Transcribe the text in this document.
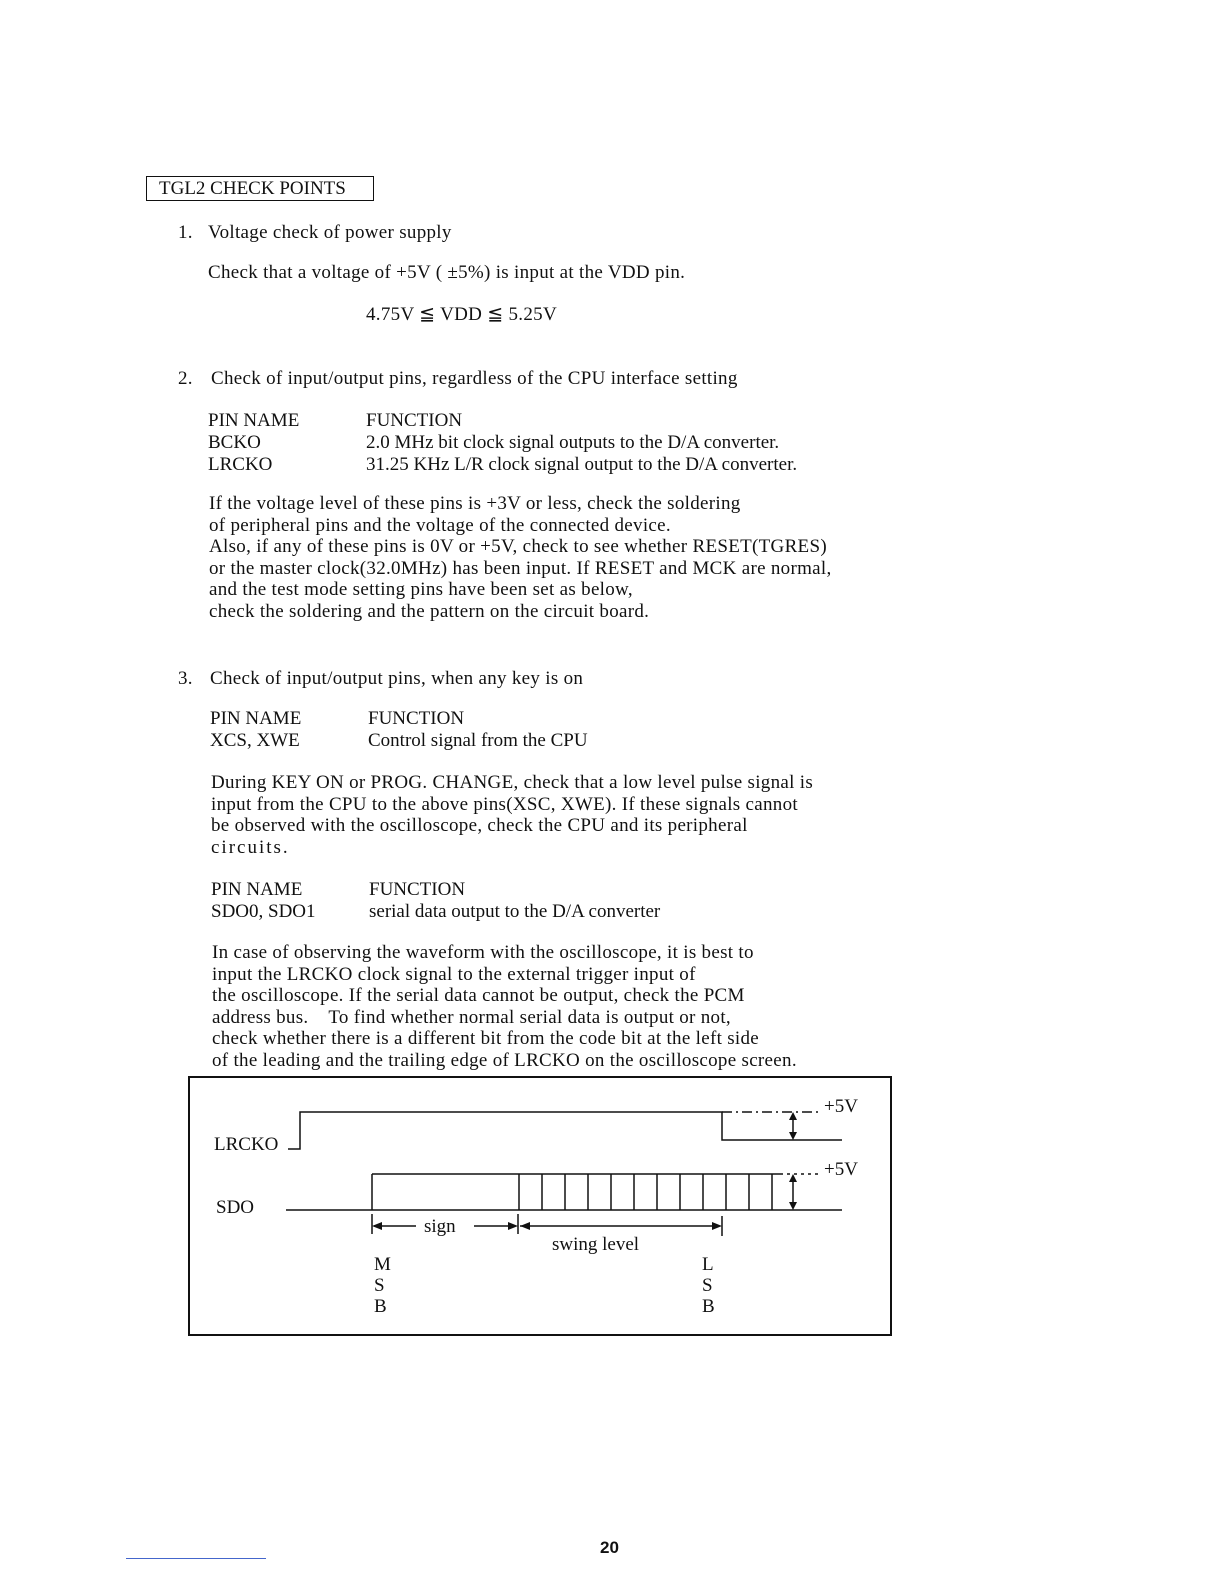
TGL2 CHECK POINTS
1. Voltage check of power supply
Check that a voltage of +5V ( ±5%) is input at the VDD pin.
4.75V ≦ VDD ≦ 5.25V
2. Check of input/output pins, regardless of the CPU interface setting
PIN NAME	FUNCTION
BCKO	2.0 MHz bit clock signal outputs to the D/A converter.
LRCKO	31.25 KHz L/R clock signal output to the D/A converter.
If the voltage level of these pins is +3V or less, check the soldering
of peripheral pins and the voltage of the connected device.
Also, if any of these pins is 0V or +5V, check to see whether RESET(TGRES)
or the master clock(32.0MHz) has been input. If RESET and MCK are normal,
and the test mode setting pins have been set as below,
check the soldering and the pattern on the circuit board.
3. Check of input/output pins, when any key is on
PIN NAME	FUNCTION
XCS, XWE	Control signal from the CPU
During KEY ON or PROG. CHANGE, check that a low level pulse signal is
input from the CPU to the above pins(XSC, XWE). If these signals cannot
be observed with the oscilloscope, check the CPU and its peripheral
circuits.
PIN NAME	FUNCTION
SDO0, SDO1	serial data output to the D/A converter
In case of observing the waveform with the oscilloscope, it is best to
input the LRCKO clock signal to the external trigger input of
the oscilloscope. If the serial data cannot be output, check the PCM
address bus.    To find whether normal serial data is output or not,
check whether there is a different bit from the code bit at the left side
of the leading and the trailing edge of LRCKO on the oscilloscope screen.
LRCKO
SDO
+5V
+5V
sign
swing level
M
S
B
L
S
B
20
